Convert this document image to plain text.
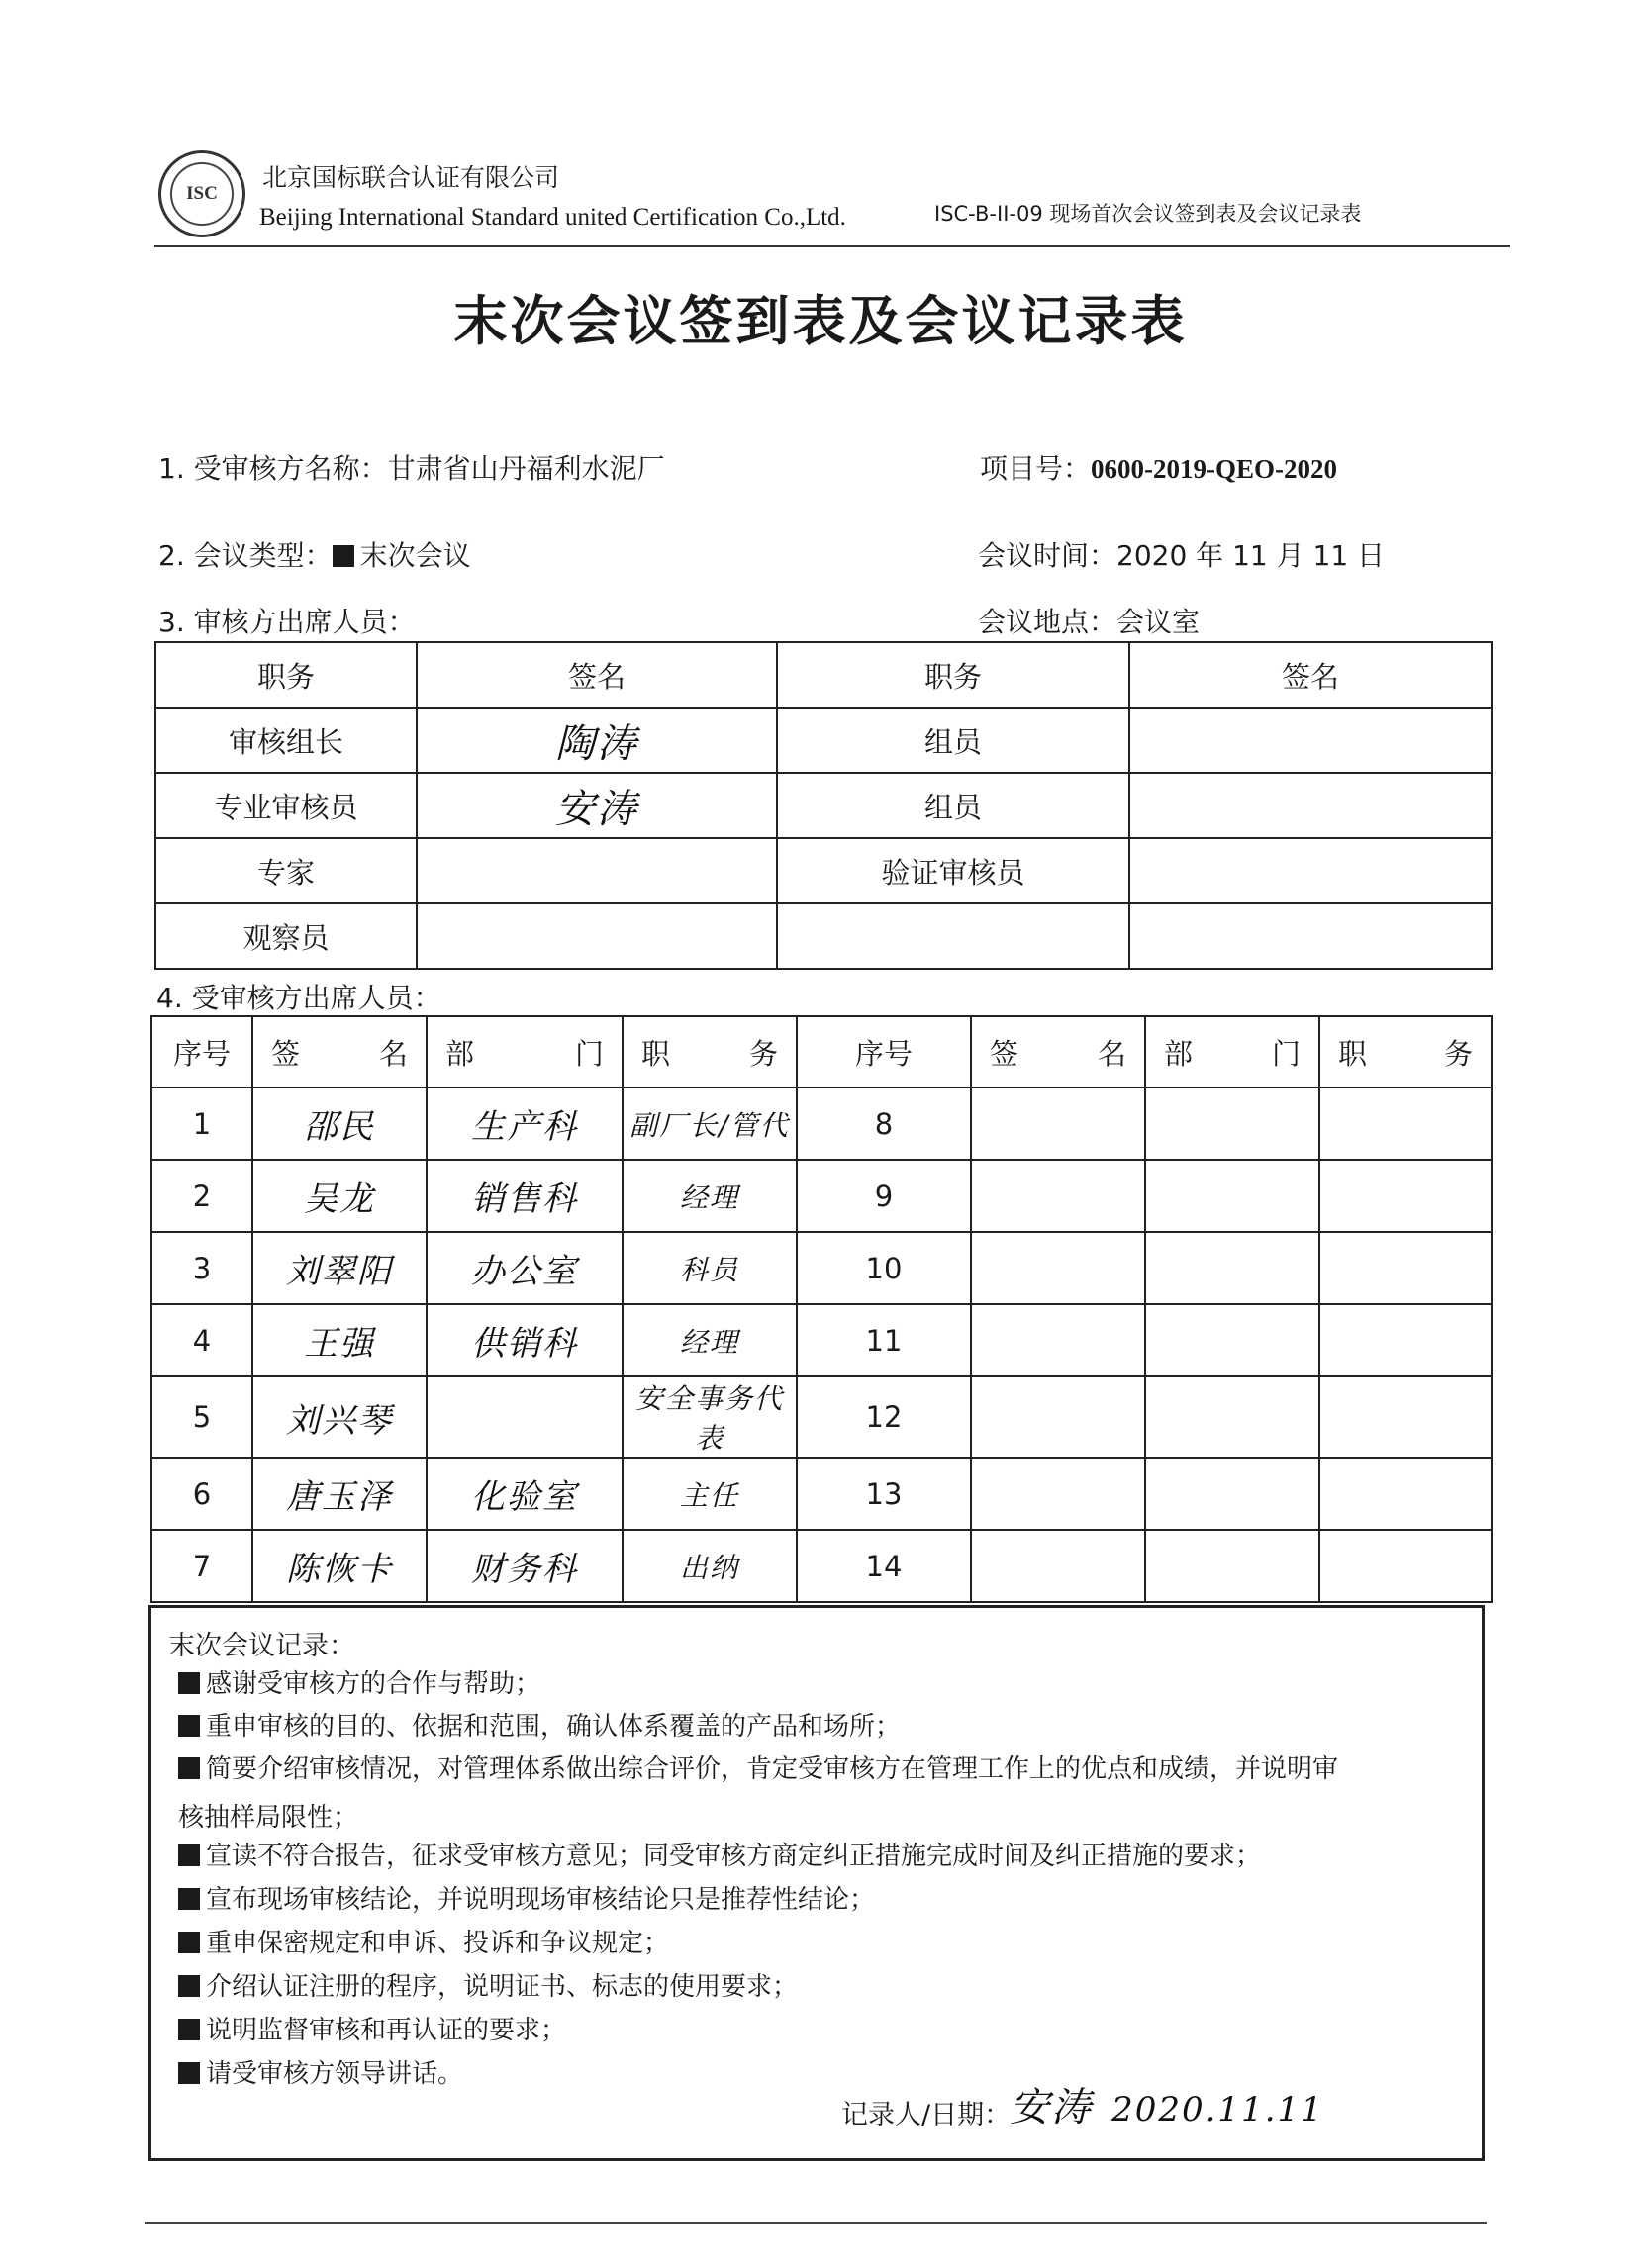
ISC
北京国标联合认证有限公司
Beijing International Standard united Certification Co.,Ltd.	ISC-B-II-09 现场首次会议签到表及会议记录表
末次会议签到表及会议记录表
1. 受审核方名称：甘肃省山丹福利水泥厂	项目号：0600-2019-QEO-2020
2. 会议类型： 末次会议	会议时间：2020 年 11 月 11 日
3. 审核方出席人员：	会议地点：会议室
职务	签名	职务	签名
审核组长	陶涛	组员	
专业审核员	安涛	组员	
专家		验证审核员	
观察员			
4. 受审核方出席人员：
序号	签 名	部 门	职 务	序号	签 名	部 门	职 务

1	邵民	生产科	副厂长/管代	8			
2	吴龙	销售科	经理	9			
3	刘翠阳	办公室	科员	10			
4	王强	供销科	经理	11			
5	刘兴琴		安全事务代表	12			
6	唐玉泽	化验室	主任	13			
7	陈恢卡	财务科	出纳	14			
末次会议记录：
感谢受审核方的合作与帮助；
重申审核的目的、依据和范围，确认体系覆盖的产品和场所；
简要介绍审核情况，对管理体系做出综合评价，肯定受审核方在管理工作上的优点和成绩，并说明审
核抽样局限性；
宣读不符合报告，征求受审核方意见；同受审核方商定纠正措施完成时间及纠正措施的要求；
宣布现场审核结论，并说明现场审核结论只是推荐性结论；
重申保密规定和申诉、投诉和争议规定；
介绍认证注册的程序，说明证书、标志的使用要求；
说明监督审核和再认证的要求；
请受审核方领导讲话。
记录人/日期：
安涛 2020.11.11
